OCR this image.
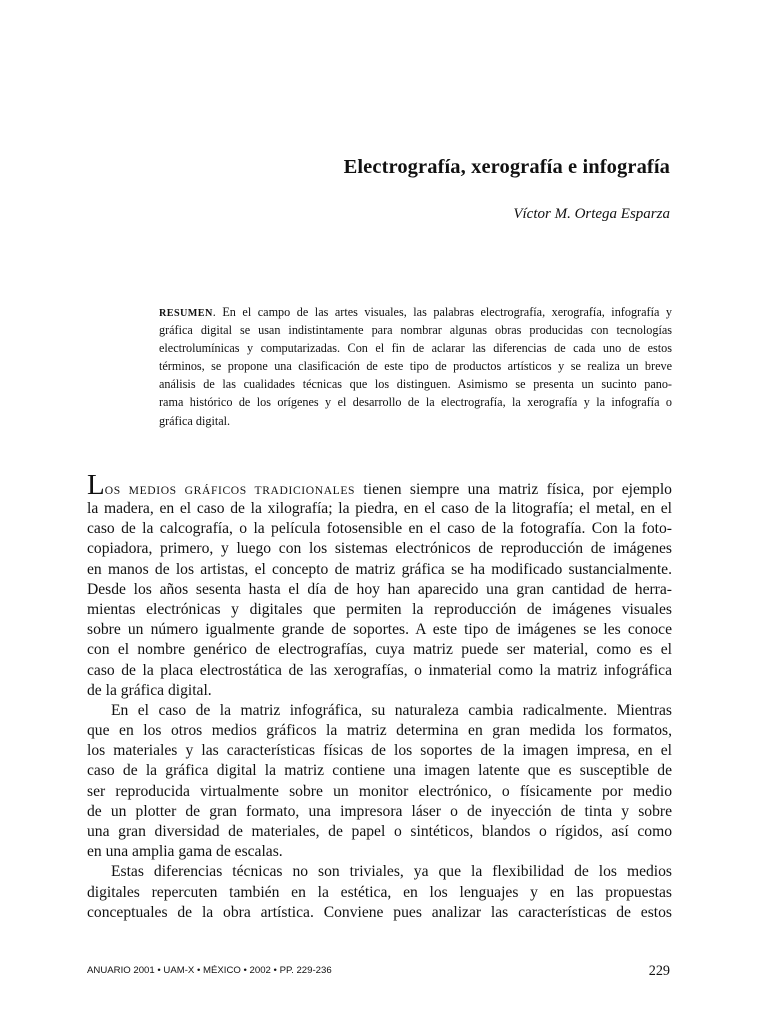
Electrografía, xerografía e infografía
Víctor M. Ortega Esparza
RESUMEN. En el campo de las artes visuales, las palabras electrografía, xerografía, infografía y
gráfica digital se usan indistintamente para nombrar algunas obras producidas con tecnologías
electrolumínicas y computarizadas. Con el fin de aclarar las diferencias de cada uno de estos
términos, se propone una clasificación de este tipo de productos artísticos y se realiza un breve
análisis de las cualidades técnicas que los distinguen. Asimismo se presenta un sucinto pano-
rama histórico de los orígenes y el desarrollo de la electrografía, la xerografía y la infografía o
gráfica digital.
LOS MEDIOS GRÁFICOS TRADICIONALES tienen siempre una matriz física, por ejemplo
la madera, en el caso de la xilografía; la piedra, en el caso de la litografía; el metal, en el
caso de la calcografía, o la película fotosensible en el caso de la fotografía. Con la foto-
copiadora, primero, y luego con los sistemas electrónicos de reproducción de imágenes
en manos de los artistas, el concepto de matriz gráfica se ha modificado sustancialmente.
Desde los años sesenta hasta el día de hoy han aparecido una gran cantidad de herra-
mientas electrónicas y digitales que permiten la reproducción de imágenes visuales
sobre un número igualmente grande de soportes. A este tipo de imágenes se les conoce
con el nombre genérico de electrografías, cuya matriz puede ser material, como es el
caso de la placa electrostática de las xerografías, o inmaterial como la matriz infográfica
de la gráfica digital.
En el caso de la matriz infográfica, su naturaleza cambia radicalmente. Mientras
que en los otros medios gráficos la matriz determina en gran medida los formatos,
los materiales y las características físicas de los soportes de la imagen impresa, en el
caso de la gráfica digital la matriz contiene una imagen latente que es susceptible de
ser reproducida virtualmente sobre un monitor electrónico, o físicamente por medio
de un plotter de gran formato, una impresora láser o de inyección de tinta y sobre
una gran diversidad de materiales, de papel o sintéticos, blandos o rígidos, así como
en una amplia gama de escalas.
Estas diferencias técnicas no son triviales, ya que la flexibilidad de los medios
digitales repercuten también en la estética, en los lenguajes y en las propuestas
conceptuales de la obra artística. Conviene pues analizar las características de estos
ANUARIO 2001 • UAM-X • MÉXICO • 2002 • PP. 229-236	229
